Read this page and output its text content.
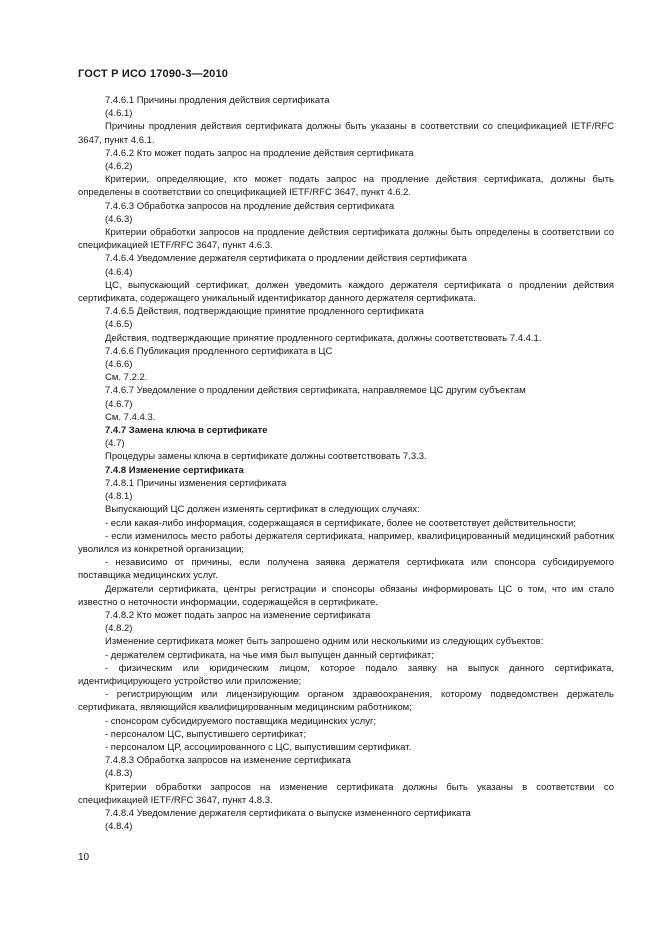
ГОСТ Р ИСО 17090-3—2010

7.4.6.1 Причины продления действия сертификата

(4.6.1)

Причины продления действия сертификата должны быть указаны в соответствии со спецификацией IETF/RFC 3647, пункт 4.6.1.

7.4.6.2 Кто может подать запрос на продление действия сертификата

(4.6.2)

Критерии, определяющие, кто может подать запрос на продление действия сертификата, должны быть определены в соответствии со спецификацией IETF/RFC 3647, пункт 4.6.2.

7.4.6.3 Обработка запросов на продление действия сертификата

(4.6.3)

Критерии обработки запросов на продление действия сертификата должны быть определены в соответствии со спецификацией IETF/RFC 3647, пункт 4.6.3.

7.4.6.4 Уведомление держателя сертификата о продлении действия сертификата

(4.6.4)

ЦС, выпускающий сертификат, должен уведомить каждого держателя сертификата о продлении действия сертификата, содержащего уникальный идентификатор данного держателя сертификата.

7.4.6.5 Действия, подтверждающие принятие продленного сертификата

(4.6.5)

Действия, подтверждающие принятие продленного сертификата, должны соответствовать 7.4.4.1.

7.4.6.6 Публикация продленного сертификата в ЦС

(4.6.6)

См. 7.2.2.

7.4.6.7 Уведомление о продлении действия сертификата, направляемое ЦС другим субъектам

(4.6.7)

См. 7.4.4.3.

7.4.7 Замена ключа в сертификате

(4.7)

Процедуры замены ключа в сертификате должны соответствовать 7.3.3.

7.4.8 Изменение сертификата

7.4.8.1 Причины изменения сертификата

(4.8.1)

Выпускающий ЦС должен изменять сертификат в следующих случаях:

- если какая-либо информация, содержащаяся в сертификате, более не соответствует действительности;

- если изменилось место работы держателя сертификата, например, квалифицированный медицинский работник уволился из конкретной организации;

- независимо от причины, если получена заявка держателя сертификата или спонсора субсидируемого поставщика медицинских услуг.

Держатели сертификата, центры регистрации и спонсоры обязаны информировать ЦС о том, что им стало известно о неточности информации, содержащейся в сертификате.

7.4.8.2 Кто может подать запрос на изменение сертификата

(4.8.2)

Изменение сертификата может быть запрошено одним или несколькими из следующих субъектов:

- держателем сертификата, на чье имя был выпущен данный сертификат;

- физическим или юридическим лицом, которое подало заявку на выпуск данного сертификата, идентифицирующего устройство или приложение;

- регистрирующим или лицензирующим органом здравоохранения, которому подведомствен держатель сертификата, являющийся квалифицированным медицинским работником;

- спонсором субсидируемого поставщика медицинских услуг;

- персоналом ЦС, выпустившего сертификат;

- персоналом ЦР, ассоциированного с ЦС, выпустившим сертификат.

7.4.8.3 Обработка запросов на изменение сертификата

(4.8.3)

Критерии обработки запросов на изменение сертификата должны быть указаны в соответствии со спецификацией IETF/RFC 3647, пункт 4.8.3.

7.4.8.4 Уведомление держателя сертификата о выпуске измененного сертификата

(4.8.4)

10
